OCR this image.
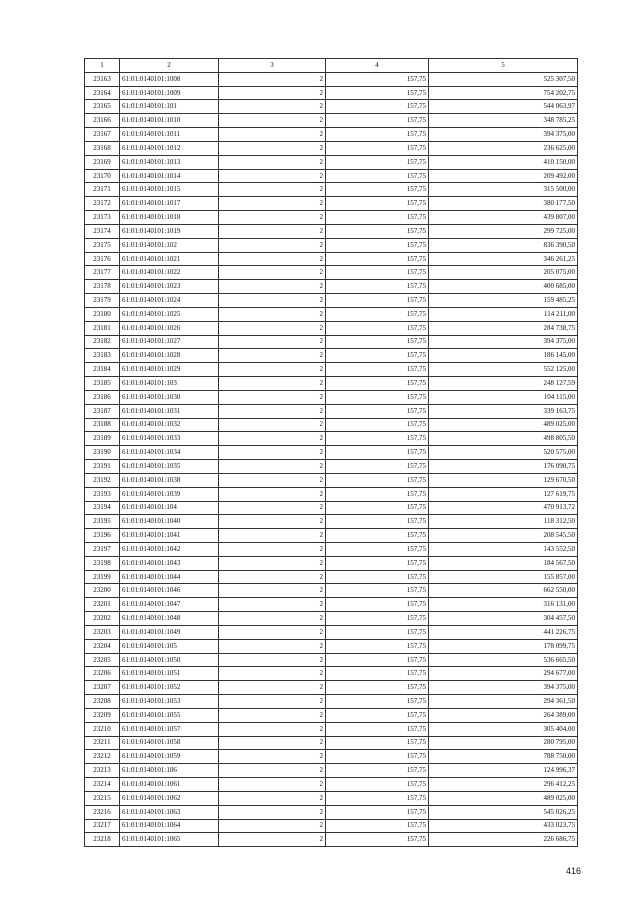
1	2	3	4	5
23163	61:01:0140101:1008	2	157,75	525 307,50
23164	61:01:0140101:1009	2	157,75	754 202,75
23165	61:01:0140101:101	2	157,75	544 063,97
23166	61:01:0140101:1010	2	157,75	348 785,25
23167	61:01:0140101:1011	2	157,75	394 375,00
23168	61:01:0140101:1012	2	157,75	236 625,00
23169	61:01:0140101:1013	2	157,75	410 150,00
23170	61:01:0140101:1014	2	157,75	209 492,00
23171	61:01:0140101:1015	2	157,75	315 500,00
23172	61:01:0140101:1017	2	157,75	380 177,50
23173	61:01:0140101:1018	2	157,75	439 807,00
23174	61:01:0140101:1019	2	157,75	299 725,00
23175	61:01:0140101:102	2	157,75	836 390,50
23176	61:01:0140101:1021	2	157,75	346 261,25
23177	61:01:0140101:1022	2	157,75	205 075,00
23178	61:01:0140101:1023	2	157,75	400 685,00
23179	61:01:0140101:1024	2	157,75	159 485,25
23180	61:01:0140101:1025	2	157,75	114 211,00
23181	61:01:0140101:1026	2	157,75	284 738,75
23182	61:01:0140101:1027	2	157,75	394 375,00
23183	61:01:0140101:1028	2	157,75	186 145,00
23184	61:01:0140101:1029	2	157,75	552 125,00
23185	61:01:0140101:103	2	157,75	248 127,59
23186	61:01:0140101:1030	2	157,75	104 115,00
23187	61:01:0140101:1031	2	157,75	339 163,75
23188	61:01:0140101:1032	2	157,75	489 025,00
23189	61:01:0140101:1033	2	157,75	498 805,50
23190	61:01:0140101:1034	2	157,75	520 575,00
23191	61:01:0140101:1035	2	157,75	176 090,75
23192	61:01:0140101:1038	2	157,75	129 670,50
23193	61:01:0140101:1039	2	157,75	127 619,75
23194	61:01:0140101:104	2	157,75	470 913,72
23195	61:01:0140101:1040	2	157,75	118 312,50
23196	61:01:0140101:1041	2	157,75	208 545,50
23197	61:01:0140101:1042	2	157,75	143 552,50
23198	61:01:0140101:1043	2	157,75	184 567,50
23199	61:01:0140101:1044	2	157,75	155 857,00
23200	61:01:0140101:1046	2	157,75	662 550,00
23201	61:01:0140101:1047	2	157,75	316 131,00
23202	61:01:0140101:1048	2	157,75	304 457,50
23203	61:01:0140101:1049	2	157,75	441 226,75
23204	61:01:0140101:105	2	157,75	178 099,75
23205	61:01:0140101:1050	2	157,75	536 665,50
23206	61:01:0140101:1051	2	157,75	294 677,00
23207	61:01:0140101:1052	2	157,75	394 375,00
23208	61:01:0140101:1053	2	157,75	294 361,50
23209	61:01:0140101:1055	2	157,75	264 389,00
23210	61:01:0140101:1057	2	157,75	305 404,00
23211	61:01:0140101:1058	2	157,75	280 795,00
23212	61:01:0140101:1059	2	157,75	788 750,00
23213	61:01:0140101:106	2	157,75	124 996,37
23214	61:01:0140101:1061	2	157,75	296 412,25
23215	61:01:0140101:1062	2	157,75	489 025,00
23216	61:01:0140101:1063	2	157,75	545 026,25
23217	61:01:0140101:1064	2	157,75	433 023,75
23218	61:01:0140101:1065	2	157,75	226 686,75
416
